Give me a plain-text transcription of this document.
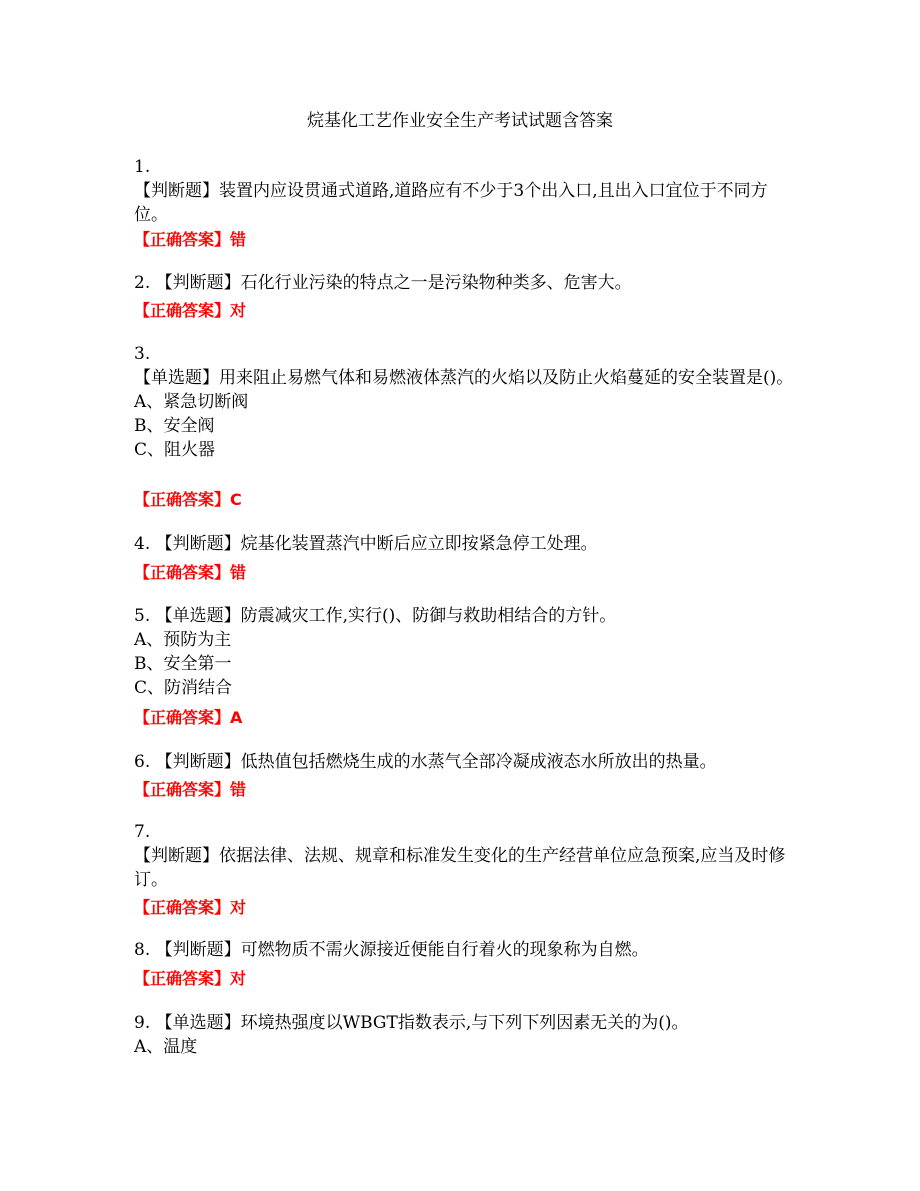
烷基化工艺作业安全生产考试试题含答案
1.
【判断题】装置内应设贯通式道路,道路应有不少于3个出入口,且出入口宜位于不同方位。
【正确答案】错
2. 【判断题】石化行业污染的特点之一是污染物种类多、危害大。
【正确答案】对
3.
【单选题】用来阻止易燃气体和易燃液体蒸汽的火焰以及防止火焰蔓延的安全装置是()。
A、紧急切断阀
B、安全阀
C、阻火器
【正确答案】C
4. 【判断题】烷基化装置蒸汽中断后应立即按紧急停工处理。
【正确答案】错
5. 【单选题】防震减灾工作,实行()、防御与救助相结合的方针。
A、预防为主
B、安全第一
C、防消结合
【正确答案】A
6. 【判断题】低热值包括燃烧生成的水蒸气全部冷凝成液态水所放出的热量。
【正确答案】错
7.
【判断题】依据法律、法规、规章和标准发生变化的生产经营单位应急预案,应当及时修订。
【正确答案】对
8. 【判断题】可燃物质不需火源接近便能自行着火的现象称为自燃。
【正确答案】对
9. 【单选题】环境热强度以WBGT指数表示,与下列下列因素无关的为()。
A、温度
